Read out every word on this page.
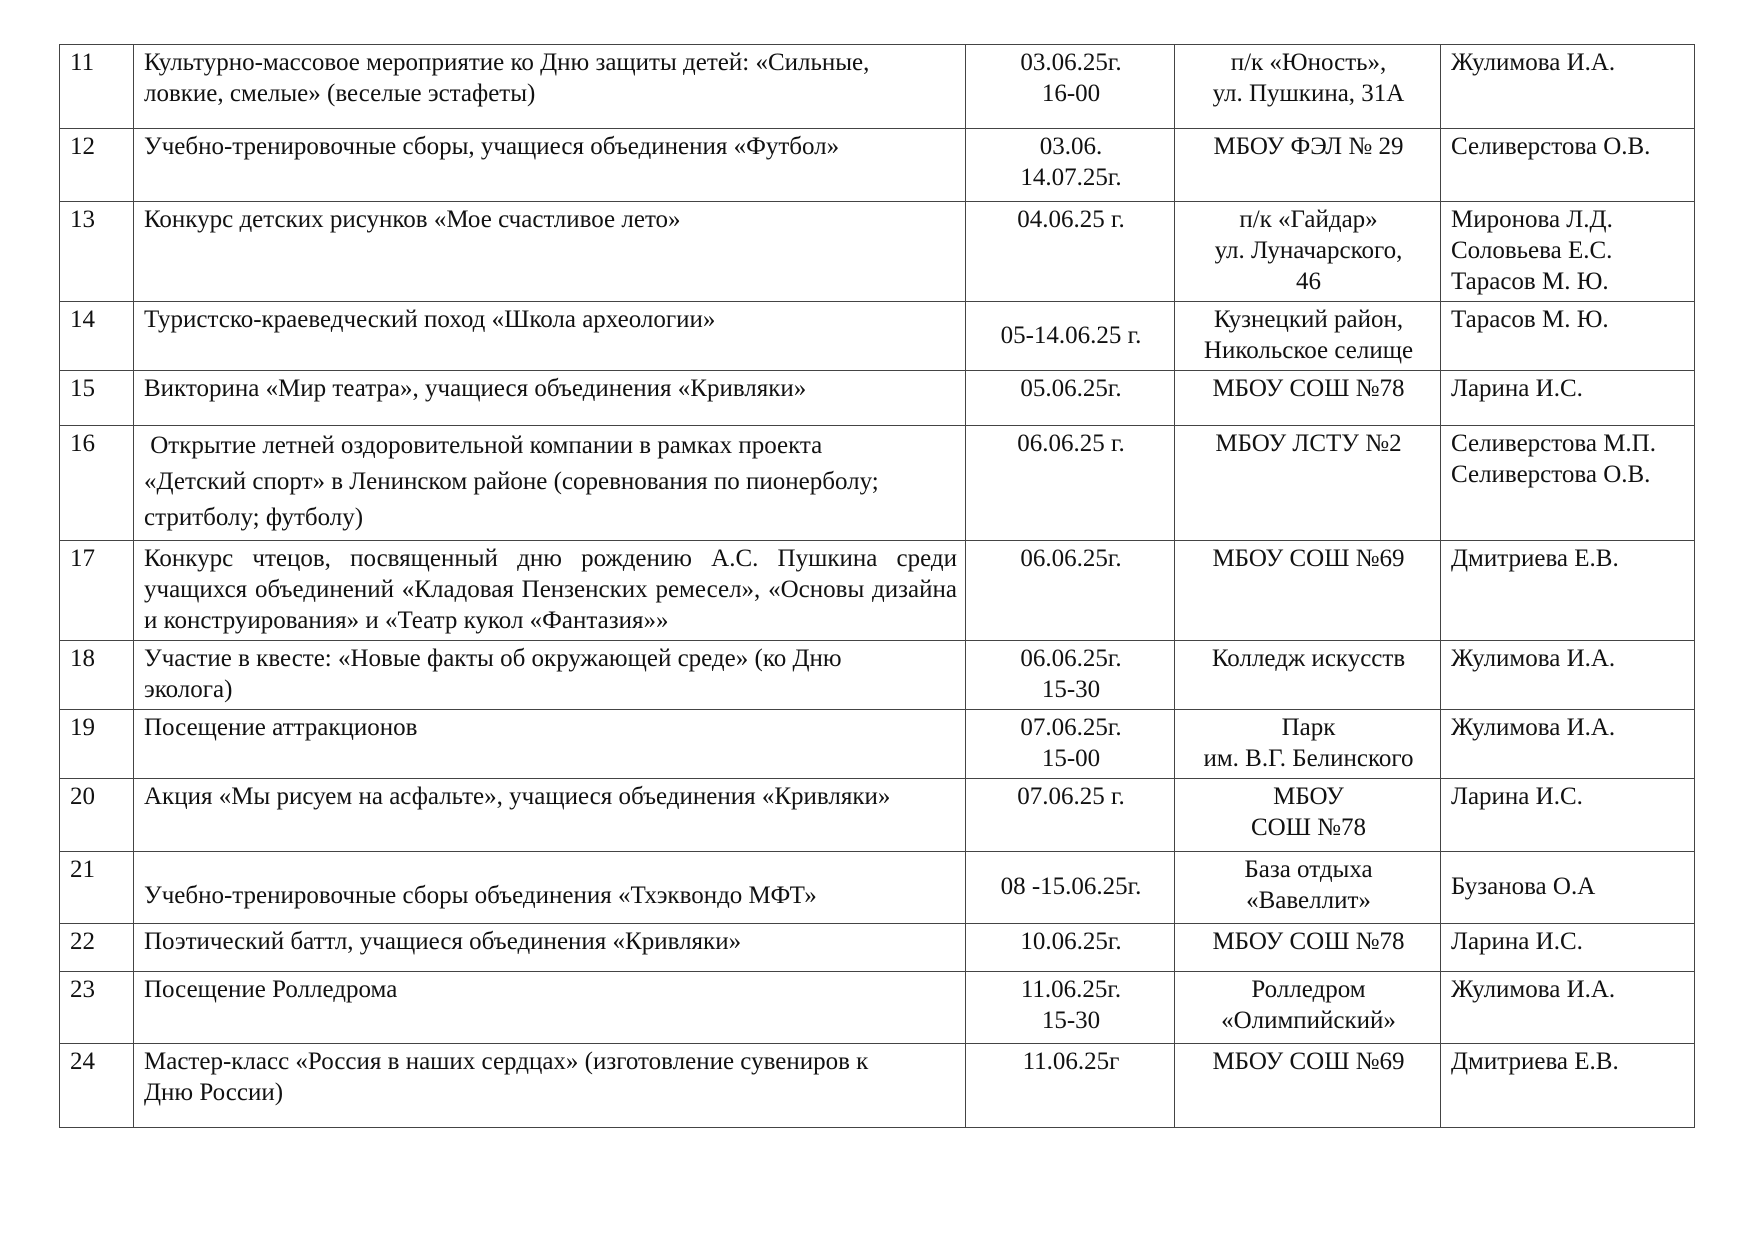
11	Культурно-массовое мероприятие ко Дню защиты детей: «Сильные,
ловкие, смелые» (веселые эстафеты)	03.06.25г.
16-00	п/к «Юность»,
ул. Пушкина, 31А	Жулимова И.А.

12	Учебно-тренировочные сборы, учащиеся объединения «Футбол»	03.06.
14.07.25г.	МБОУ ФЭЛ № 29	Селиверстова О.В.

13	Конкурс детских рисунков «Мое счастливое лето»	04.06.25 г.	п/к «Гайдар»
ул. Луначарского,
46	Миронова Л.Д.
Соловьева Е.С.
Тарасов М. Ю.

14	Туристско-краеведческий поход «Школа археологии»	05-14.06.25 г.	Кузнецкий район,
Никольское селище	Тарасов М. Ю.

15	Викторина «Мир театра», учащиеся объединения «Кривляки»	05.06.25г.	МБОУ СОШ №78	Ларина И.С.

16	Открытие летней оздоровительной компании в рамках проекта
«Детский спорт» в Ленинском районе (соревнования по пионерболу;
стритболу; футболу)	06.06.25 г.	МБОУ ЛСТУ №2	Селиверстова М.П.
Селиверстова О.В.

17	Конкурс чтецов, посвященный дню рождению А.С. Пушкина среди учащихся объединений «Кладовая Пензенских ремесел», «Основы дизайна и конструирования» и «Театр кукол «Фантазия»»	06.06.25г.	МБОУ СОШ №69	Дмитриева Е.В.

18	Участие в квесте: «Новые факты об окружающей среде» (ко Дню
эколога)	06.06.25г.
15-30	Колледж искусств	Жулимова И.А.

19	Посещение аттракционов	07.06.25г.
15-00	Парк
им. В.Г. Белинского	Жулимова И.А.

20	Акция «Мы рисуем на асфальте», учащиеся объединения «Кривляки»	07.06.25 г.	МБОУ
СОШ №78	Ларина И.С.

21	Учебно-тренировочные сборы объединения «Тхэквондо МФТ»	08 -15.06.25г.	База отдыха
«Вавеллит»	Бузанова О.А

22	Поэтический баттл, учащиеся объединения «Кривляки»	10.06.25г.	МБОУ СОШ №78	Ларина И.С.

23	Посещение Ролледрома	11.06.25г.
15-30	Ролледром
«Олимпийский»	Жулимова И.А.

24	Мастер-класс «Россия в наших сердцах» (изготовление сувениров к
Дню России)	11.06.25г	МБОУ СОШ №69	Дмитриева Е.В.
